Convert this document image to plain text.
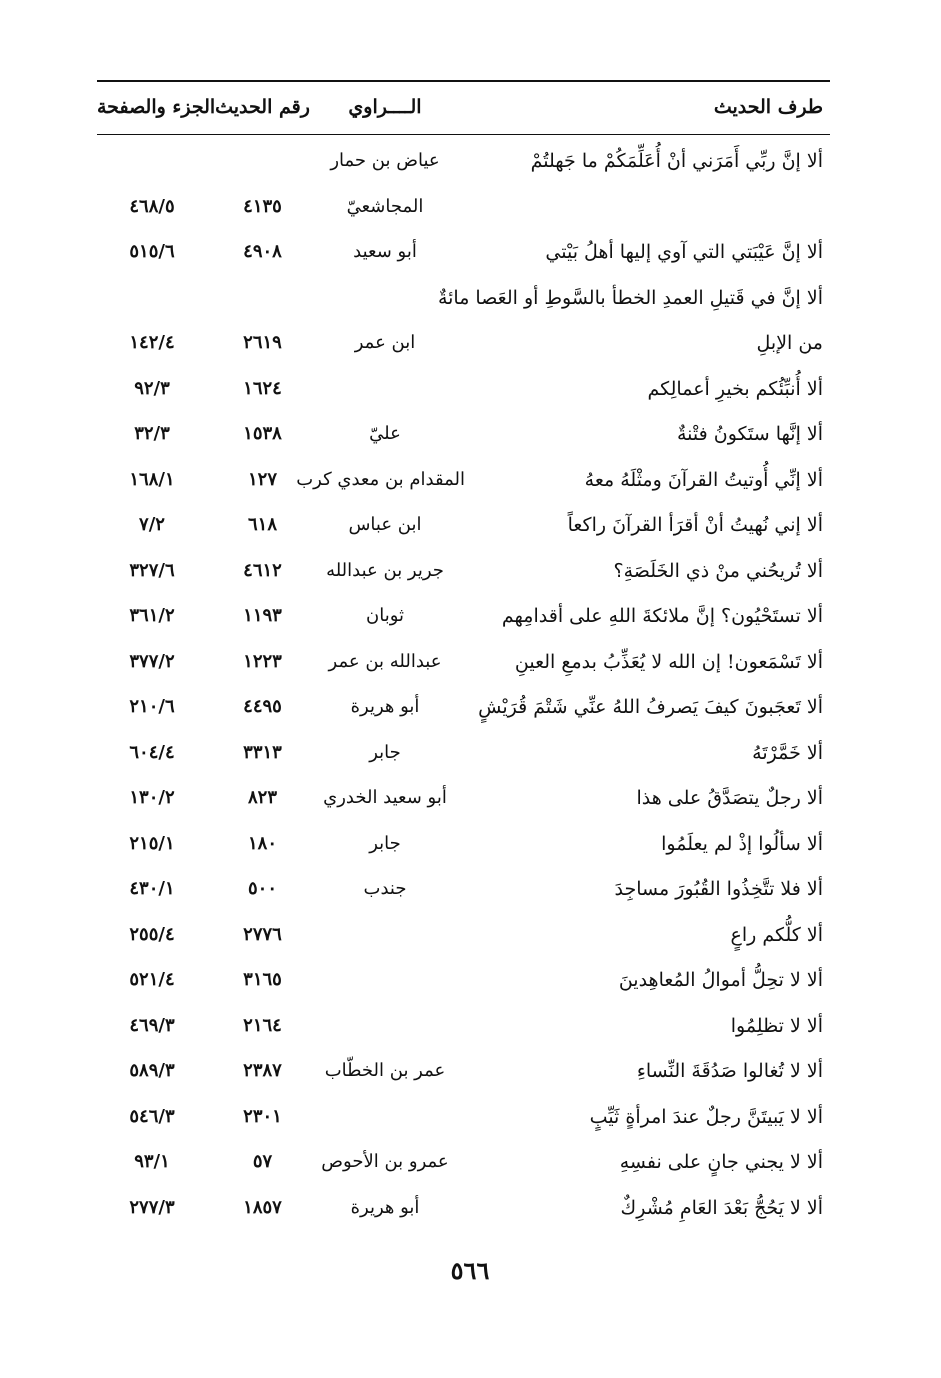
طرف الحديث
الــــراوي
رقم الحديث
الجزء والصفحة
ألا إنَّ ربِّي أَمَرَني أنْ أُعَلِّمَكُمْ ما جَهلتُمْ
عياض بن حمار
المجاشعيّ
٤١٣٥
٤٦٨/٥
ألا إنَّ عَيْبَتي التي آوي إليها أهلُ بَيْتي
أبو سعيد
٤٩٠٨
٥١٥/٦
ألا إنَّ في قَتيلِ العمدِ الخطأ بالسَّوطِ أو العَصا مائةٌ
من الإبلِ
ابن عمر
٢٦١٩
١٤٢/٤
ألا أُنبِّئُكم بخيرِ أعمالِكم
١٦٢٤
٩٢/٣
ألا إنَّها ستَكونُ فتْنةٌ
عليّ
١٥٣٨
٣٢/٣
ألا إنِّي أُوتيتُ القرآنَ ومثْلَهُ معهُ
المقدام بن معدي كرب
١٢٧
١٦٨/١
ألا إني نُهيتُ أنْ أقرَأ القرآنَ راكعاً
ابن عباس
٦١٨
٧/٢
ألا تُريحُني منْ ذي الخَلَصَةِ؟
جرير بن عبدالله
٤٦١٢
٣٢٧/٦
ألا تستَحْيُون؟ إنَّ ملائكةَ اللهِ على أقدامِهم
ثوبان
١١٩٣
٣٦١/٢
ألا تَسْمَعون! إن الله لا يُعَذِّبُ بدمعِ العينِ
عبدالله بن عمر
١٢٢٣
٣٧٧/٢
ألا تَعجَبونَ كيفَ يَصرفُ اللهُ عنِّي شَتْمَ قُرَيْشٍ
أبو هريرة
٤٤٩٥
٢١٠/٦
ألا خَمَّرْتَهُ
جابر
٣٣١٣
٦٠٤/٤
ألا رجلٌ يتصَدَّقُ على هذا
أبو سعيد الخدري
٨٢٣
١٣٠/٢
ألا سألُوا إذْ لم يعلَمُوا
جابر
١٨٠
٢١٥/١
ألا فلا تتَّخِذُوا القُبُورَ مساجِدَ
جندب
٥٠٠
٤٣٠/١
ألا كلُّكم راعٍ
٢٧٧٦
٢٥٥/٤
ألا لا تحِلُّ أموالُ المُعاهِدينَ
٣١٦٥
٥٢١/٤
ألا لا تظلِمُوا
٢١٦٤
٤٦٩/٣
ألا لا تُغالوا صَدُقَةَ النِّساءِ
عمر بن الخطّاب
٢٣٨٧
٥٨٩/٣
ألا لا يَبيتَنَّ رجلٌ عندَ امرأةٍ ثَيِّبٍ
٢٣٠١
٥٤٦/٣
ألا لا يجني جانٍ على نفسِهِ
عمرو بن الأحوص
٥٧
٩٣/١
ألا لا يَحُجُّ بَعْدَ العَامِ مُشْرِكٌ
أبو هريرة
١٨٥٧
٢٧٧/٣
٥٦٦
